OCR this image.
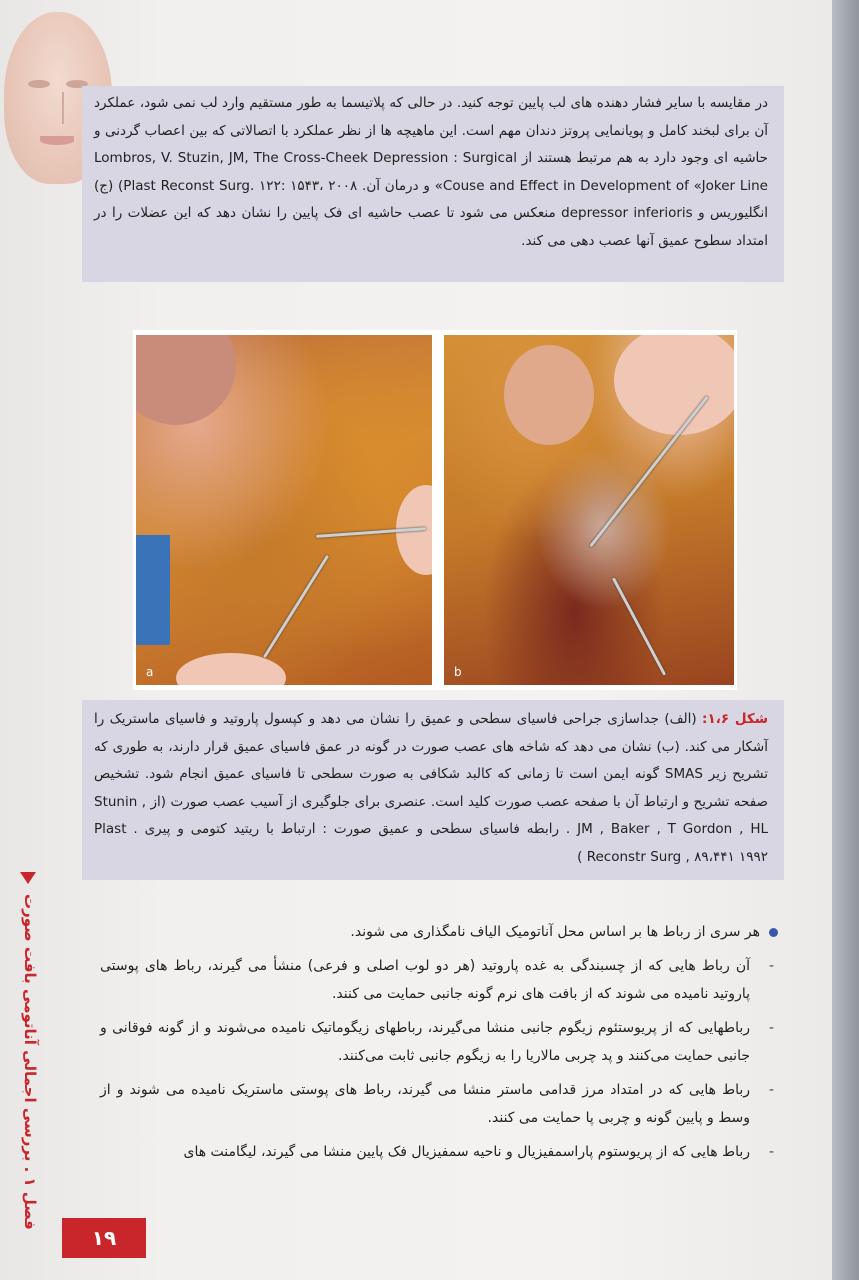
در مقایسه با سایر فشار دهنده های لب پایین توجه کنید. در حالی که پلاتیسما به طور مستقیم وارد لب نمی شود، عملکرد آن برای لبخند کامل و پویانمایی پروتز دندان مهم است. این ماهیچه ها از نظر عملکرد با اتصالاتی که بین اعصاب گردنی و حاشیه ای وجود دارد به هم مرتبط هستند از Lombros, V. Stuzin, JM, The Cross-Cheek Depression : Surgical Couse and Effect in Development of «Joker Line» و درمان آن. Plast Reconst Surg. ۱۲۲: ۱۵۴۳، ۲۰۰۸) (ج) انگلیوریس و depressor inferioris منعکس می شود تا عصب حاشیه ای فک پایین را نشان دهد که این عضلات را در امتداد سطوح عمیق آنها عصب دهی می کند.

a	b

شکل ۱،۶: (الف) جداسازی جراحی فاسیای سطحی و عمیق را نشان می دهد و کپسول پاروتید و فاسیای ماستریک را آشکار می کند. (ب) نشان می دهد که شاخه های عصب صورت در گونه در عمق فاسیای عمیق قرار دارند، به طوری که تشریح زیر SMAS گونه ایمن است تا زمانی که کالبد شکافی به صورت سطحی تا فاسیای عمیق انجام شود. تشخیص صفحه تشریح و ارتباط آن با صفحه عصب صورت کلید است. عنصری برای جلوگیری از آسیب عصب صورت (از Stunin , JM , Baker , T Gordon , HL . رابطه فاسیای سطحی و عمیق صورت : ارتباط با ریتید کتومی و پیری . Plast Reconstr Surg , ۸۹،۴۴۱ ۱۹۹۲ )

فصل ۱ . بررسی اجمالی آناتومی بافت صورت
هر سری از رباط ها بر اساس محل آناتومیک الیاف نامگذاری می شوند.
- آن رباط هایی که از چسبندگی به غده پاروتید (هر دو لوب اصلی و فرعی) منشأ می گیرند، رباط های پوستی پاروتید نامیده می شوند که از بافت های نرم گونه جانبی حمایت می کنند.
- رباطهایی که از پریوستئوم زیگوم جانبی منشا می‌گیرند، رباطهای زیگوماتیک نامیده می‌شوند و از گونه فوقانی و جانبی حمایت می‌کنند و پد چربی مالاریا را به زیگوم جانبی ثابت می‌کنند.
- رباط هایی که در امتداد مرز قدامی ماستر منشا می گیرند، رباط های پوستی ماستریک نامیده می شوند و از وسط و پایین گونه و چربی پا حمایت می کنند.
- رباط هایی که از پریوستوم پاراسمفیزیال و ناحیه سمفیزیال فک پایین منشا می گیرند، لیگامنت های
۱۹
